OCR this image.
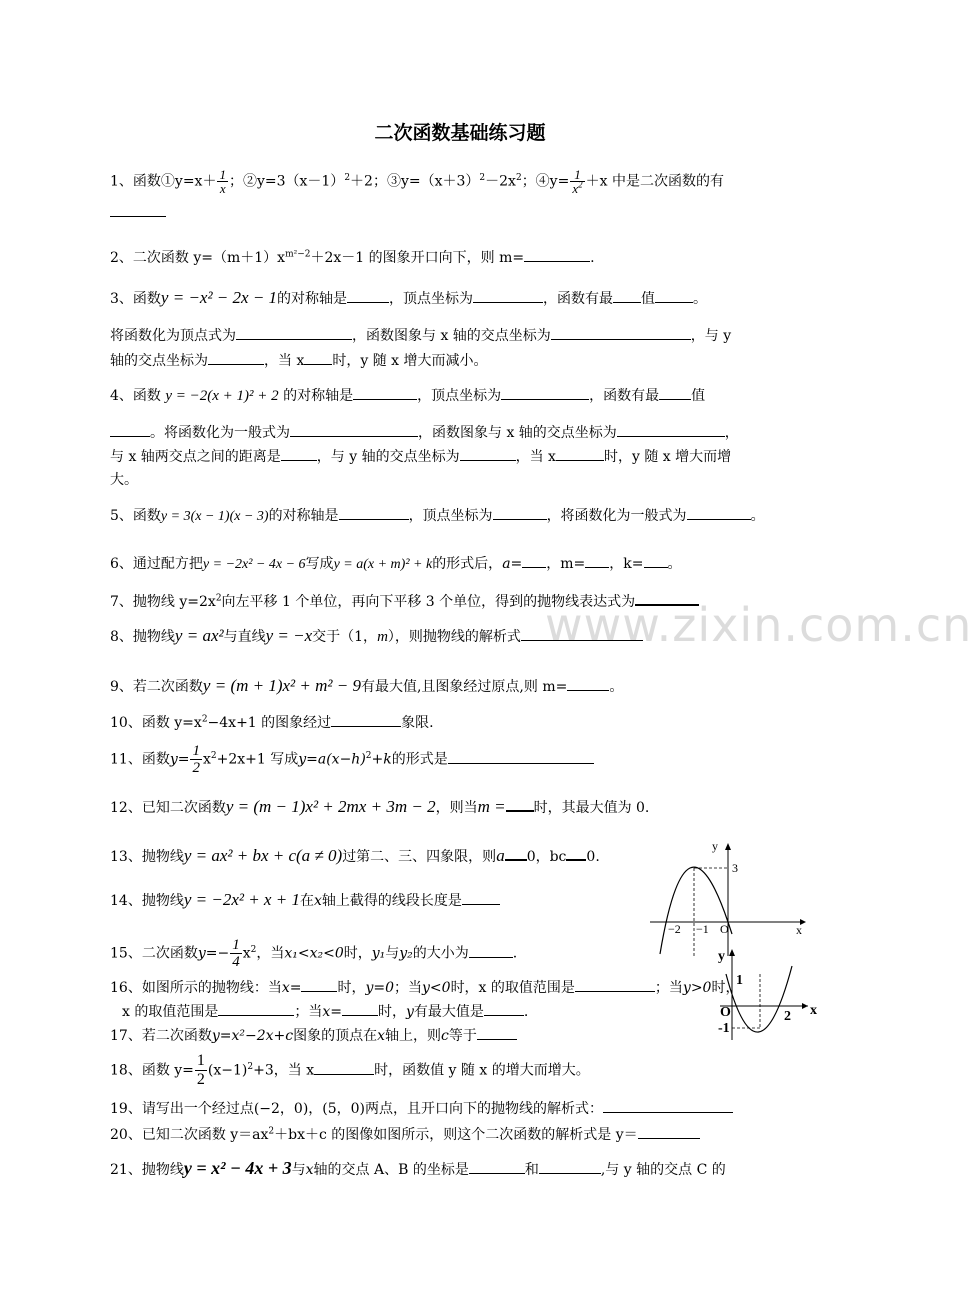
www.zixin.com.cn
二次函数基础练习题
1、函数①y=x＋ $\frac{1}{x}$ ；$②y=3(x-1)^2+2$；$③y=(x+3)^2-2x^2$；④y= $\frac{1}{x^2} +x$ 中是二次函数的有
2、二次函数 $y=(m+1)x^{m^2-2}+2x-1$ 的图象开口向下，则 m=	.
3、函数y = −x² − 2x − 1的对称轴是	，顶点坐标为	，函数有最 值	。
将函数化为顶点式为	，函数图象与 x 轴的交点坐标为	，与 y
轴的交点坐标为	，当 x 时，y 随 x 增大而减小。
4、函数 y = −2(x + 1)² + 2 的对称轴是	，顶点坐标为	，函数有最 值
。将函数化为一般式为	，函数图象与 x 轴的交点坐标为	，
与 x 轴两交点之间的距离是	，与 y 轴的交点坐标为	，当 x	时，y 随 x 增大而增
大。
5、函数y = 3(x − 1)(x − 3)的对称轴是	，顶点坐标为	，将函数化为一般式为	。
6、通过配方把y = −2x² − 4x − 6写成y = a(x + m)² + k的形式后，a= ，m= ，k= 。
7、抛物线 $y=2x^2$向左平移 1 个单位，再向下平移 3 个单位，得到的抛物线表达式为
8、抛物线y = ax²与直线y = −x交于（1，m），则抛物线的解析式
9、若二次函数y = (m + 1)x² + m² − 9有最大值,且图象经过原点,则 m=	。
10、函数 $y=x^2-4x+1$ 的图象经过	象限.
11、函数$y= \frac{1}{2} x^2+2x+1$ 写成$y=a(x-h)^2+k$的形式是
12、已知二次函数y = (m − 1)x² + 2mx + 3m − 2，则当m = 时，其最大值为 0.
13、抛物线y = ax² + bx + c(a ≠ 0)过第二、三、四象限，则a 0，bc 0.
14、抛物线y = −2x² + x + 1在x轴上截得的线段长度是
15、二次函数$y=- \frac{1}{4} x^2$，当x₁<x₂<0时，y₁与y₂的大小为	.
16、如图所示的抛物线：当x=	时，y=0；当y<0时，x 的取值范围是	；当y>0时，
x 的取值范围是	；当x=	时，y有最大值是	.
17、若二次函数y=x²−2x+c图象的顶点在x轴上，则c等于
18、函数 $y= \frac{1}{2} (x-1)^2+3$，当 x	时，函数值 y 随 x 的增大而增大。
19、请写出一个经过点(−2，0)，(5，0)两点，且开口向下的抛物线的解析式：
20、已知二次函数 $y=ax^2+bx+c$ 的图像如图所示，则这个二次函数的解析式是 y＝
21、抛物线y = x² − 4x + 3与x轴的交点 A、B 的坐标是	和	,与 y 轴的交点 C 的
y
x
3
−2 −1 O
y
x
O
1
2
-1
